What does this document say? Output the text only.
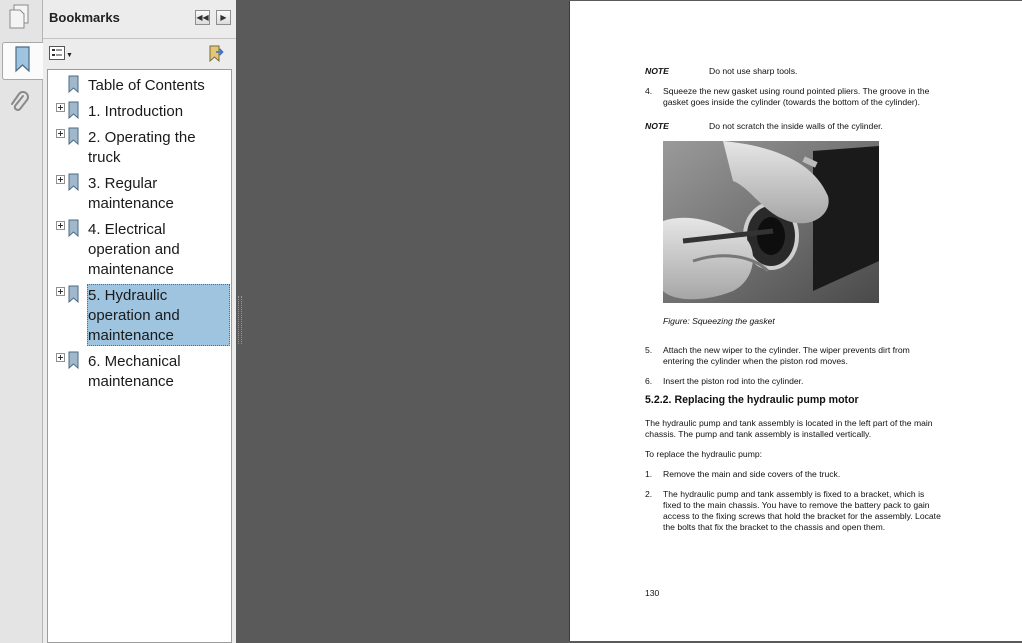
Bookmarks	◀◀ ▶
▼
Table of Contents
1. Introduction
2. Operating the truck
3. Regular maintenance
4. Electrical operation and maintenance
5. Hydraulic operation and maintenance
6. Mechanical maintenance
NOTE	Do not use sharp tools.
4. Squeeze the new gasket using round pointed pliers. The groove in the gasket goes inside the cylinder (towards the bottom of the cylinder).
NOTE	Do not scratch the inside walls of the cylinder.
Figure: Squeezing the gasket
5. Attach the new wiper to the cylinder. The wiper prevents dirt from entering the cylinder when the piston rod moves.
6. Insert the piston rod into the cylinder.
5.2.2. Replacing the hydraulic pump motor
The hydraulic pump and tank assembly is located in the left part of the main chassis. The pump and tank assembly is installed vertically.
To replace the hydraulic pump:
1. Remove the main and side covers of the truck.
2. The hydraulic pump and tank assembly is fixed to a bracket, which is fixed to the main chassis. You have to remove the battery pack to gain access to the fixing screws that hold the bracket for the assembly. Locate the bolts that fix the bracket to the chassis and open them.
130
